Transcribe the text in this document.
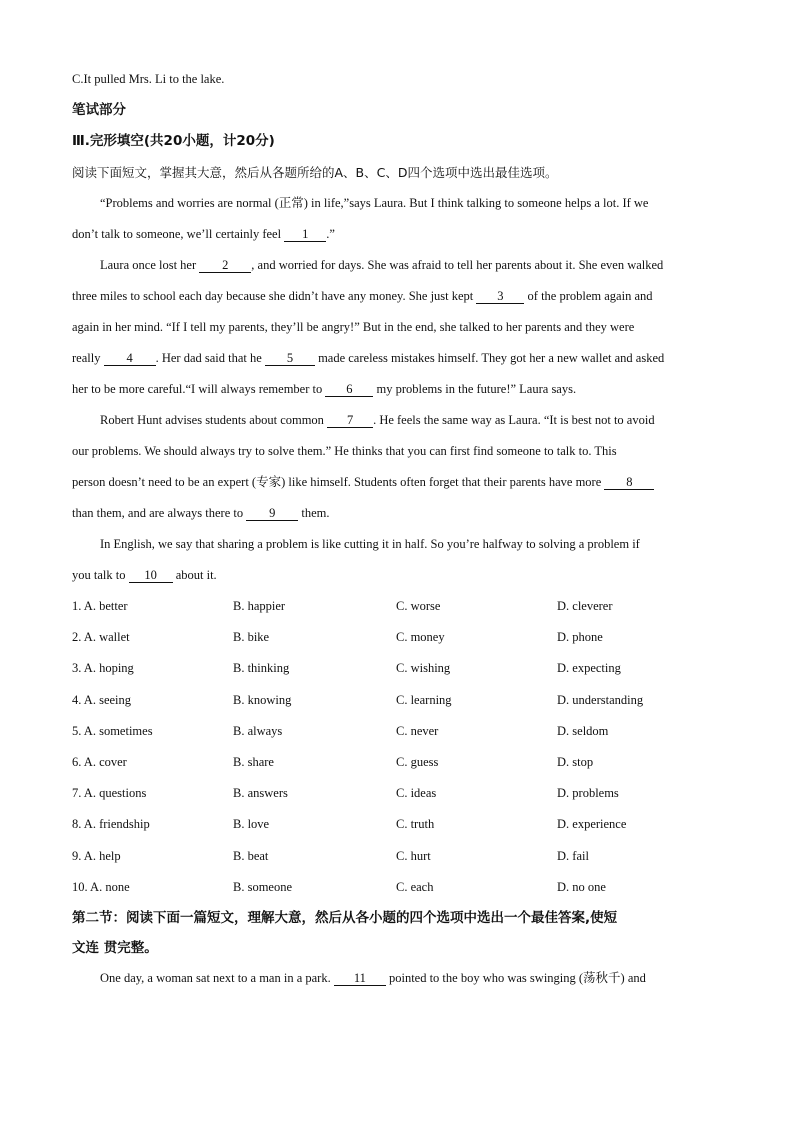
C.It pulled Mrs. Li to the lake.
笔试部分
Ⅲ.完形填空(共20小题，计20分)
阅读下面短文，掌握其大意，然后从各题所给的A、B、C、D四个选项中选出最佳选项。
“Problems and worries are normal (正常) in life,”says Laura. But I think talking to someone helps a lot. If we
don’t talk to someone, we’ll certainly feel 1 .”
Laura once lost her 2 , and worried for days. She was afraid to tell her parents about it. She even walked
three miles to school each day because she didn’t have any money. She just kept 3 of the problem again and
again in her mind. “If I tell my parents, they’ll be angry!” But in the end, she talked to her parents and they were
really 4 . Her dad said that he 5 made careless mistakes himself. They got her a new wallet and asked
her to be more careful.“I will always remember to 6 my problems in the future!” Laura says.
Robert Hunt advises students about common 7 . He feels the same way as Laura. “It is best not to avoid
our problems. We should always try to solve them.” He thinks that you can first find someone to talk to. This
person doesn’t need to be an expert (专家) like himself. Students often forget that their parents have more 8
than them, and are always there to 9 them.
In English, we say that sharing a problem is like cutting it in half. So you’re halfway to solving a problem if
you talk to 10 about it.
1. A. better	B. happier	C. worse	D. cleverer
2. A. wallet	B. bike	C. money	D. phone
3. A. hoping	B. thinking	C. wishing	D. expecting
4. A. seeing	B. knowing	C. learning	D. understanding
5. A. sometimes	B. always	C. never	D. seldom
6. A. cover	B. share	C. guess	D. stop
7. A. questions	B. answers	C. ideas	D. problems
8. A. friendship	B. love	C. truth	D. experience
9. A. help	B. beat	C. hurt	D. fail
10. A. none	B. someone	C. each	D. no one
第二节：阅读下面一篇短文，理解大意，然后从各小题的四个选项中选出一个最佳答案,使短
文连 贯完整。
One day, a woman sat next to a man in a park. 11 pointed to the boy who was swinging (荡秋千) and
